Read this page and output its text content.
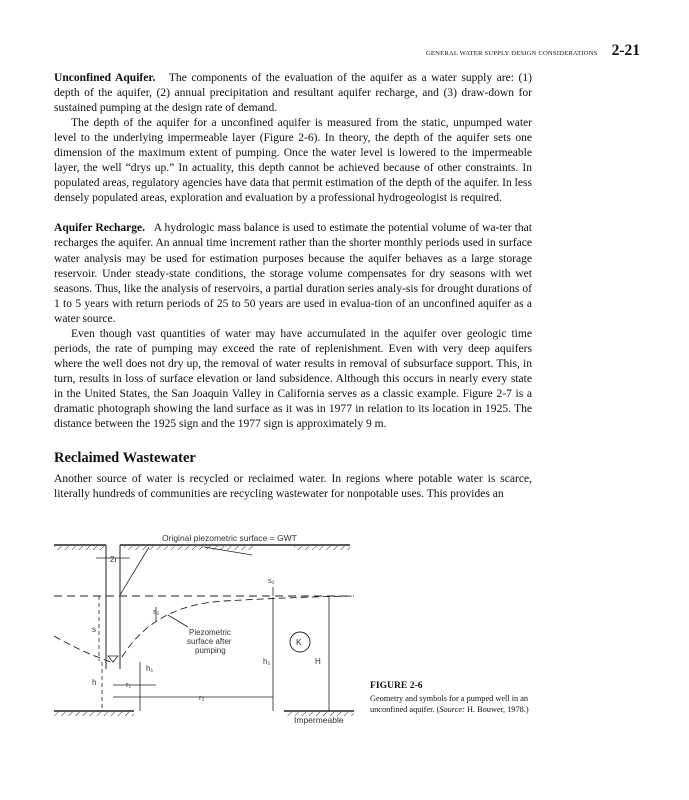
GENERAL WATER SUPPLY DESIGN CONSIDERATIONS 2-21

Unconfined Aquifer. The components of the evaluation of the aquifer as a water supply are: (1) depth of the aquifer, (2) annual precipitation and resultant aquifer recharge, and (3) draw-down for sustained pumping at the design rate of demand.

The depth of the aquifer for a unconfined aquifer is measured from the static, unpumped water level to the underlying impermeable layer (Figure 2-6). In theory, the depth of the aquifer sets one dimension of the maximum extent of pumping. Once the water level is lowered to the impermeable layer, the well “drys up.” In actuality, this depth cannot be achieved because of other constraints. In populated areas, regulatory agencies have data that permit estimation of the depth of the aquifer. In less densely populated areas, exploration and evaluation by a professional hydrogeologist is required.

Aquifer Recharge. A hydrologic mass balance is used to estimate the potential volume of wa-ter that recharges the aquifer. An annual time increment rather than the shorter monthly periods used in surface water analysis may be used for estimation purposes because the aquifer behaves as a large storage reservoir. Under steady-state conditions, the storage volume compensates for dry seasons with wet seasons. Thus, like the analysis of reservoirs, a partial duration series analy-sis for drought durations of 1 to 5 years with return periods of 25 to 50 years are used in evalua-tion of an unconfined aquifer as a water source.

Even though vast quantities of water may have accumulated in the aquifer over geologic time periods, the rate of pumping may exceed the rate of replenishment. Even with very deep aquifers where the well does not dry up, the removal of water results in removal of subsurface support. This, in turn, results in loss of surface elevation or land subsidence. Although this occurs in nearly every state in the United States, the San Joaquin Valley in California serves as a classic example. Figure 2-7 is a dramatic photograph showing the land surface as it was in 1977 in relation to its location in 1925. The distance between the 1925 sign and the 1977 sign is approximately 9 m.

Reclaimed Wastewater

Another source of water is recycled or reclaimed water. In regions where potable water is scarce, literally hundreds of communities are recycling wastewater for nonpotable uses. This provides an

2r
Original piezometric surface = GWT
s₂
s₁
s	Piezometric
surface after
pumping
K
h₂	H
h₁
h	r₁
r₂
Impermeable
FIGURE 2-6
Geometry and symbols for a pumped well in an unconfined aquifer. (Source: H. Bouwer, 1978.)
